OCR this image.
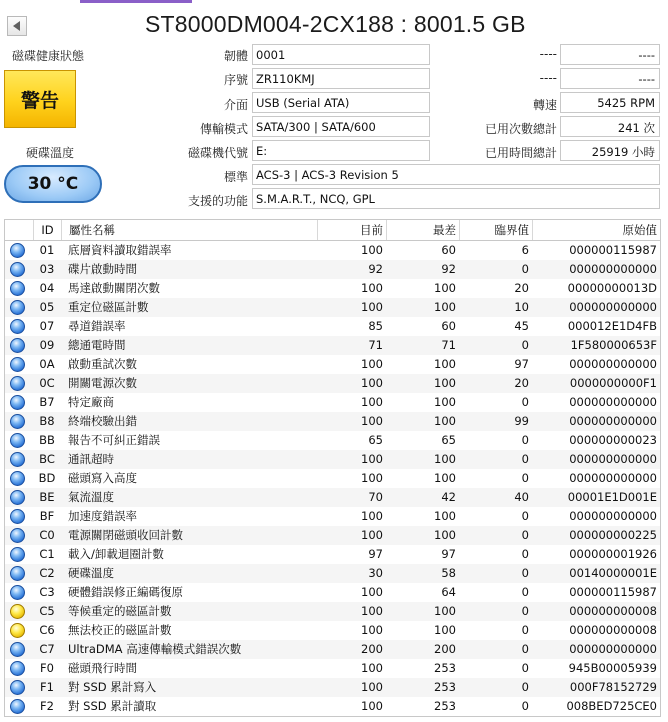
ST8000DM004-2CX188 : 8001.5 GB
磁碟健康狀態
警告
硬碟溫度
30 °C
韌體 0001
序號 ZR110KMJ
介面 USB (Serial ATA)
傳輸模式 SATA/300 | SATA/600
磁碟機代號 E:
標準 ACS-3 | ACS-3 Revision 5
支援的功能 S.M.A.R.T., NCQ, GPL
----	----
----	----
轉速	5425 RPM
已用次數總計	241 次
已用時間總計	25919 小時
ID	屬性名稱	目前	最差	臨界值	原始值
01	底層資料讀取錯誤率	100	60	6	000000115987
03	碟片啟動時間	92	92	0	000000000000
04	馬達啟動關閉次數	100	100	20	00000000013D
05	重定位磁區計數	100	100	10	000000000000
07	尋道錯誤率	85	60	45	000012E1D4FB
09	總通電時間	71	71	0	1F580000653F
0A	啟動重試次數	100	100	97	000000000000
0C	開關電源次數	100	100	20	0000000000F1
B7	特定廠商	100	100	0	000000000000
B8	終端校驗出錯	100	100	99	000000000000
BB	報告不可糾正錯誤	65	65	0	000000000023
BC	通訊超時	100	100	0	000000000000
BD	磁頭寫入高度	100	100	0	000000000000
BE	氣流溫度	70	42	40	00001E1D001E
BF	加速度錯誤率	100	100	0	000000000000
C0	電源關閉磁頭收回計數	100	100	0	000000000225
C1	載入/卸載迴圈計數	97	97	0	000000001926
C2	硬碟溫度	30	58	0	00140000001E
C3	硬體錯誤修正編碼復原	100	64	0	000000115987
C5	等候重定的磁區計數	100	100	0	000000000008
C6	無法校正的磁區計數	100	100	0	000000000008
C7	UltraDMA 高速傳輸模式錯誤次數	200	200	0	000000000000
F0	磁頭飛行時間	100	253	0	945B00005939
F1	對 SSD 累計寫入	100	253	0	000F78152729
F2	對 SSD 累計讀取	100	253	0	008BED725CE0
